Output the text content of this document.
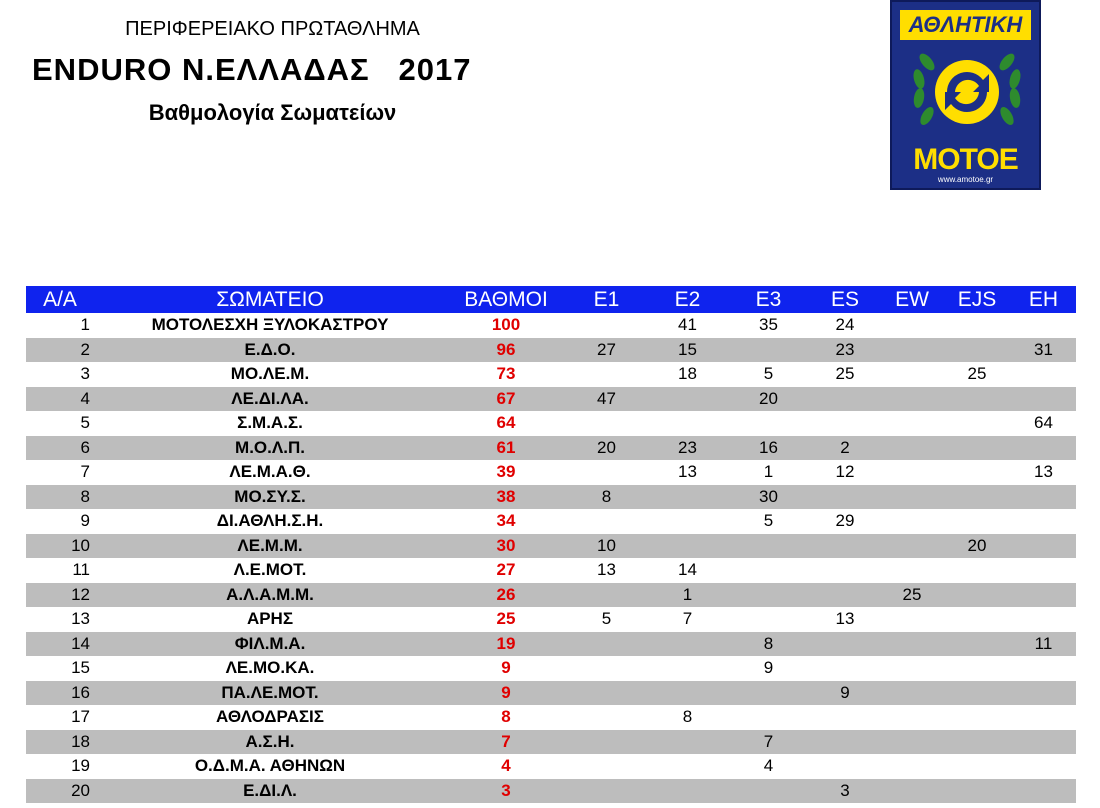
ΠΕΡΙΦΕΡΕΙΑΚΟ ΠΡΩΤΑΘΛΗΜΑ
ENDURO Ν.ΕΛΛΑΔΑΣ   2017
Βαθμολογία Σωματείων
ΑΘΛΗΤΙΚΗ
ΜΟΤΟΕ
www.amotoe.gr
Α/Α	ΣΩΜΑΤΕΙΟ	ΒΑΘΜΟΙ	Ε1	Ε2	Ε3	ES	EW	EJS	EH
1	ΜΟΤΟΛΕΣΧΗ ΞΥΛΟΚΑΣΤΡΟΥ	100		41	35	24			
2	Ε.Δ.Ο.	96	27	15		23			31
3	ΜΟ.ΛΕ.Μ.	73		18	5	25		25	
4	ΛΕ.ΔΙ.ΛΑ.	67	47		20				
5	Σ.Μ.Α.Σ.	64							64
6	Μ.Ο.Λ.Π.	61	20	23	16	2			
7	ΛΕ.Μ.Α.Θ.	39		13	1	12			13
8	ΜΟ.ΣΥ.Σ.	38	8		30				
9	ΔΙ.ΑΘΛΗ.Σ.Η.	34			5	29			
10	ΛΕ.Μ.Μ.	30	10					20	
11	Λ.Ε.ΜΟΤ.	27	13	14					
12	Α.Λ.Α.Μ.Μ.	26		1			25		
13	ΑΡΗΣ	25	5	7		13			
14	ΦΙΛ.Μ.Α.	19			8				11
15	ΛΕ.ΜΟ.ΚΑ.	9			9				
16	ΠΑ.ΛΕ.ΜΟΤ.	9				9			
17	ΑΘΛΟΔΡΑΣΙΣ	8		8					
18	Α.Σ.Η.	7			7				
19	Ο.Δ.Μ.Α. ΑΘΗΝΩΝ	4			4				
20	Ε.ΔΙ.Λ.	3				3			
